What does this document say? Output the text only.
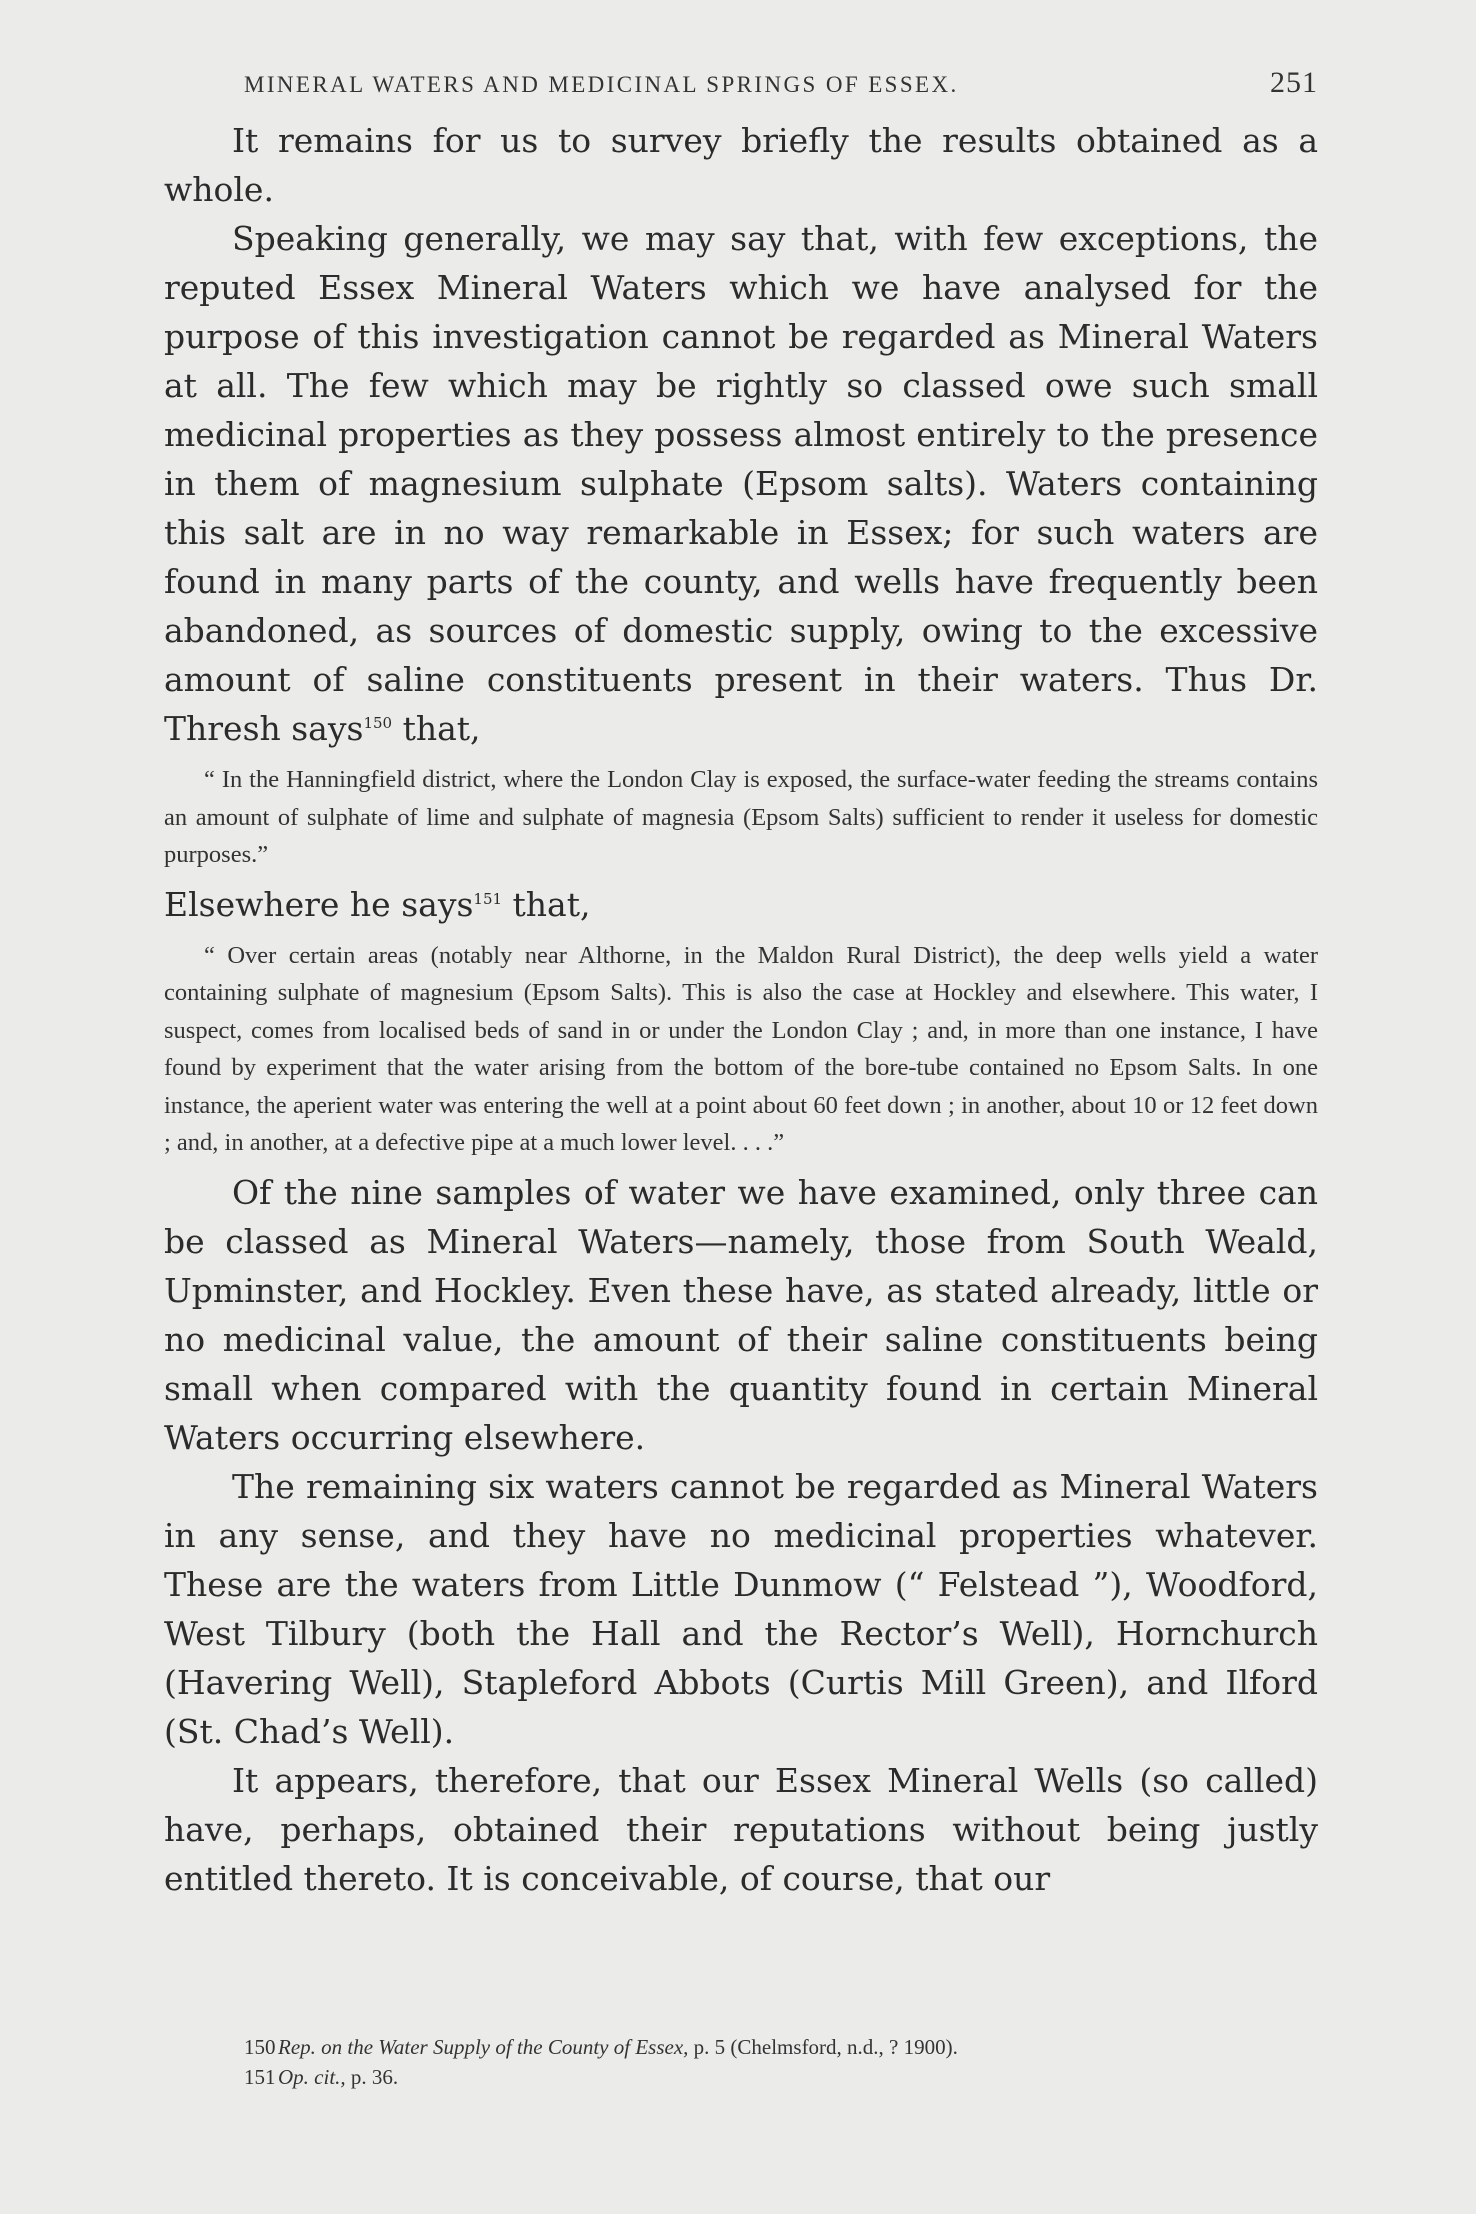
MINERAL WATERS AND MEDICINAL SPRINGS OF ESSEX.	251

It remains for us to survey briefly the results obtained as a whole.

Speaking generally, we may say that, with few exceptions, the reputed Essex Mineral Waters which we have analysed for the purpose of this investigation cannot be regarded as Mineral Waters at all. The few which may be rightly so classed owe such small medicinal properties as they possess almost entirely to the presence in them of magnesium sulphate (Epsom salts). Waters containing this salt are in no way remarkable in Essex; for such waters are found in many parts of the county, and wells have frequently been abandoned, as sources of domestic supply, owing to the excessive amount of saline constituents present in their waters. Thus Dr. Thresh says$^{150}$ that,

“ In the Hanningfield district, where the London Clay is exposed, the surface-water feeding the streams contains an amount of sulphate of lime and sulphate of magnesia (Epsom Salts) sufficient to render it useless for domestic purposes.”

Elsewhere he says$^{151}$ that,

“ Over certain areas (notably near Althorne, in the Maldon Rural District), the deep wells yield a water containing sulphate of magnesium (Epsom Salts). This is also the case at Hockley and elsewhere. This water, I suspect, comes from localised beds of sand in or under the London Clay ; and, in more than one instance, I have found by experiment that the water arising from the bottom of the bore-tube contained no Epsom Salts. In one instance, the aperient water was entering the well at a point about 60 feet down ; in another, about 10 or 12 feet down ; and, in another, at a defective pipe at a much lower level. . . .”

Of the nine samples of water we have examined, only three can be classed as Mineral Waters—namely, those from South Weald, Upminster, and Hockley. Even these have, as stated already, little or no medicinal value, the amount of their saline constituents being small when compared with the quantity found in certain Mineral Waters occurring elsewhere.

The remaining six waters cannot be regarded as Mineral Waters in any sense, and they have no medicinal properties whatever. These are the waters from Little Dunmow (“ Felstead ”), Woodford, West Tilbury (both the Hall and the Rector’s Well), Hornchurch (Havering Well), Stapleford Abbots (Curtis Mill Green), and Ilford (St. Chad’s Well).

It appears, therefore, that our Essex Mineral Wells (so called) have, perhaps, obtained their reputations without being justly entitled thereto. It is conceivable, of course, that our

150 Rep. on the Water Supply of the County of Essex, p. 5 (Chelmsford, n.d., ? 1900).
151 Op. cit., p. 36.
